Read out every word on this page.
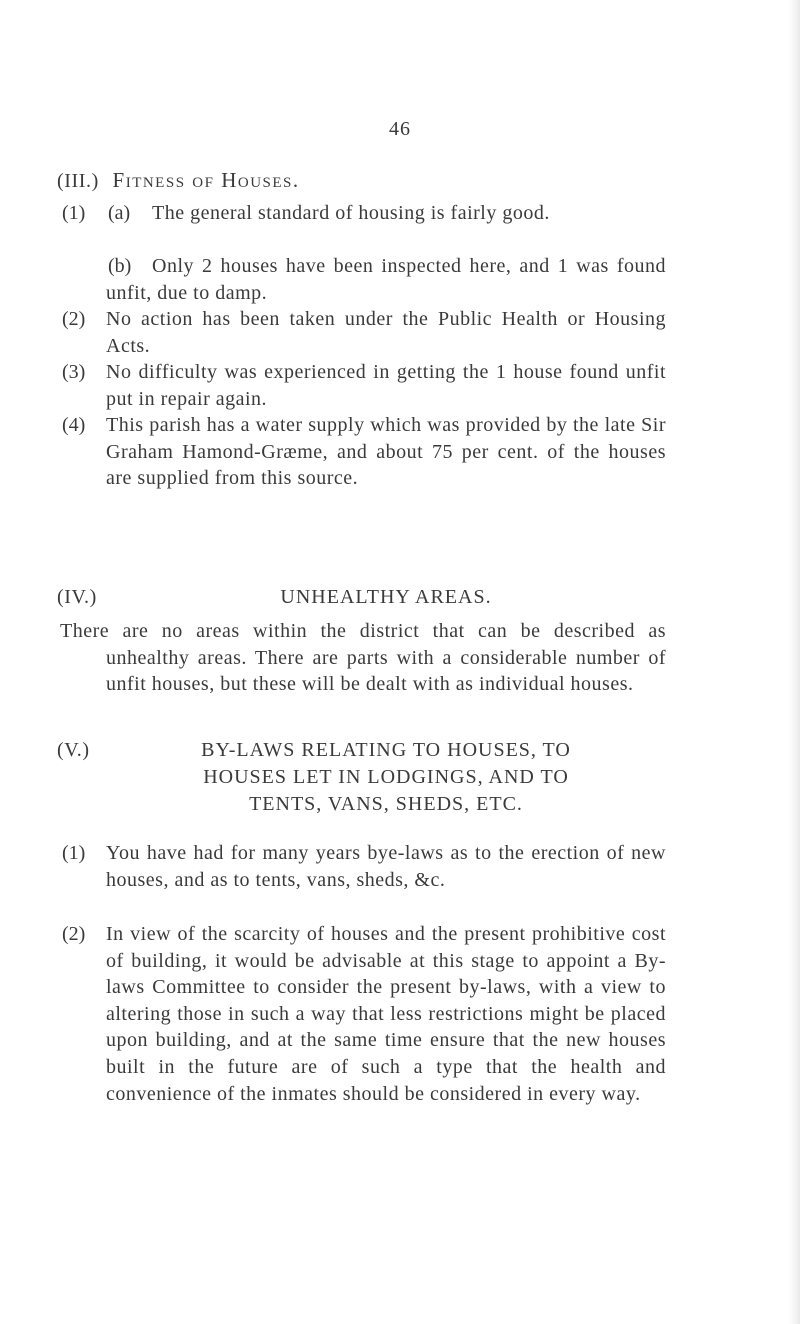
46
(III.) Fitness of Houses.
(1) (a)	The general standard of housing is fairly good.

(b)	Only 2 houses have been inspected here, and 1 was found unfit, due to damp.

(2) No action has been taken under the Public Health or Housing Acts.

(3) No difficulty was experienced in getting the 1 house found unfit put in repair again.

(4) This parish has a water supply which was provided by the late Sir Graham Hamond-Græme, and about 75 per cent. of the houses are supplied from this source.

(IV.)	UNHEALTHY AREAS.

There are no areas within the district that can be described as unhealthy areas. There are parts with a considerable number of unfit houses, but these will be dealt with as individual houses.

(V.)	BY-LAWS RELATING TO HOUSES, TO
HOUSES LET IN LODGINGS, AND TO
TENTS, VANS, SHEDS, ETC.
(1) You have had for many years bye-laws as to the erection of new houses, and as to tents, vans, sheds, &c.

(2) In view of the scarcity of houses and the present prohibitive cost of building, it would be advisable at this stage to appoint a By-laws Committee to consider the present by-laws, with a view to altering those in such a way that less restrictions might be placed upon building, and at the same time ensure that the new houses built in the future are of such a type that the health and convenience of the inmates should be considered in every way.
